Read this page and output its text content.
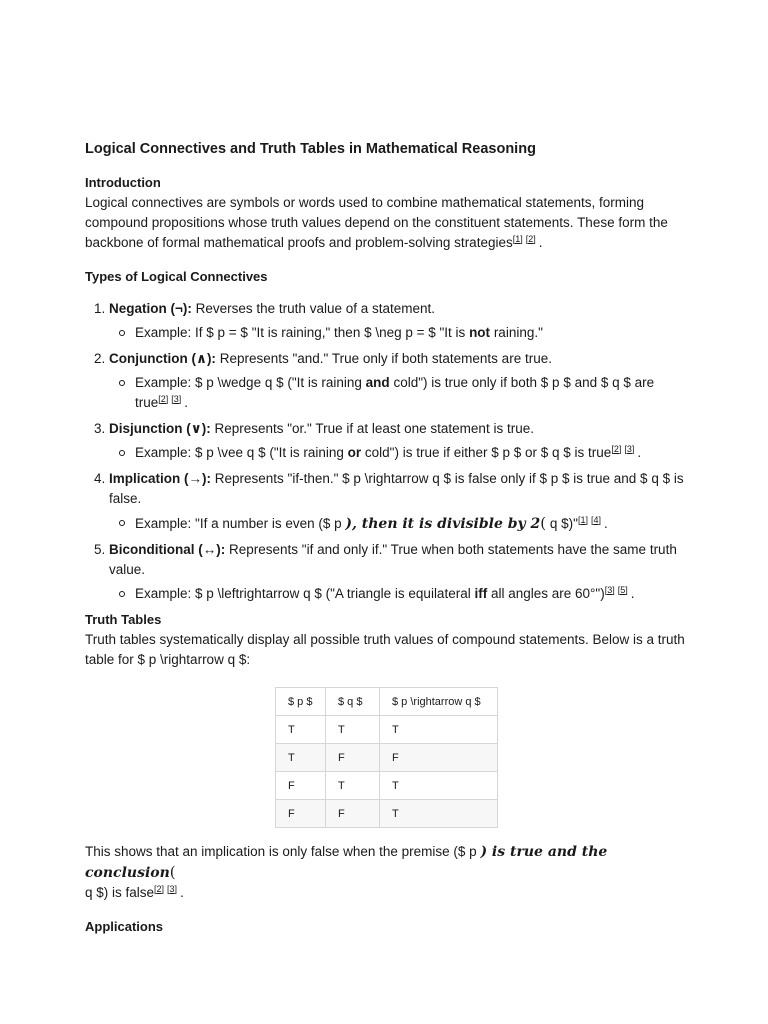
Logical Connectives and Truth Tables in Mathematical Reasoning
Introduction

Logical connectives are symbols or words used to combine mathematical statements, forming compound propositions whose truth values depend on the constituent statements. These form the backbone of formal mathematical proofs and problem-solving strategies[1] [2] .

Types of Logical Connectives
1. Negation (¬): Reverses the truth value of a statement.
Example: If $ p = $ "It is raining," then $ \neg p = $ "It is not raining."
2. Conjunction (∧): Represents "and." True only if both statements are true.
Example: $ p \wedge q $ ("It is raining and cold") is true only if both $ p $ and $ q $ are true[2] [3] .
3. Disjunction (∨): Represents "or." True if at least one statement is true.
Example: $ p \vee q $ ("It is raining or cold") is true if either $ p $ or $ q $ is true[2] [3] .
4. Implication (→): Represents "if-then." $ p \rightarrow q $ is false only if $ p $ is true and $ q $ is false.
Example: "If a number is even ($ p ), then it is divisible by 2( q $)"[1] [4] .
5. Biconditional (↔): Represents "if and only if." True when both statements have the same truth value.
Example: $ p \leftrightarrow q $ ("A triangle is equilateral iff all angles are 60°")[3] [5] .
Truth Tables

Truth tables systematically display all possible truth values of compound statements. Below is a truth table for $ p \rightarrow q $:

$ p $	$ q $	$ p \rightarrow q $
T	T	T
T	F	F
F	T	T
F	F	T

This shows that an implication is only false when the premise ($ p ) is true and the conclusion(
q $) is false[2] [3] .

Applications
